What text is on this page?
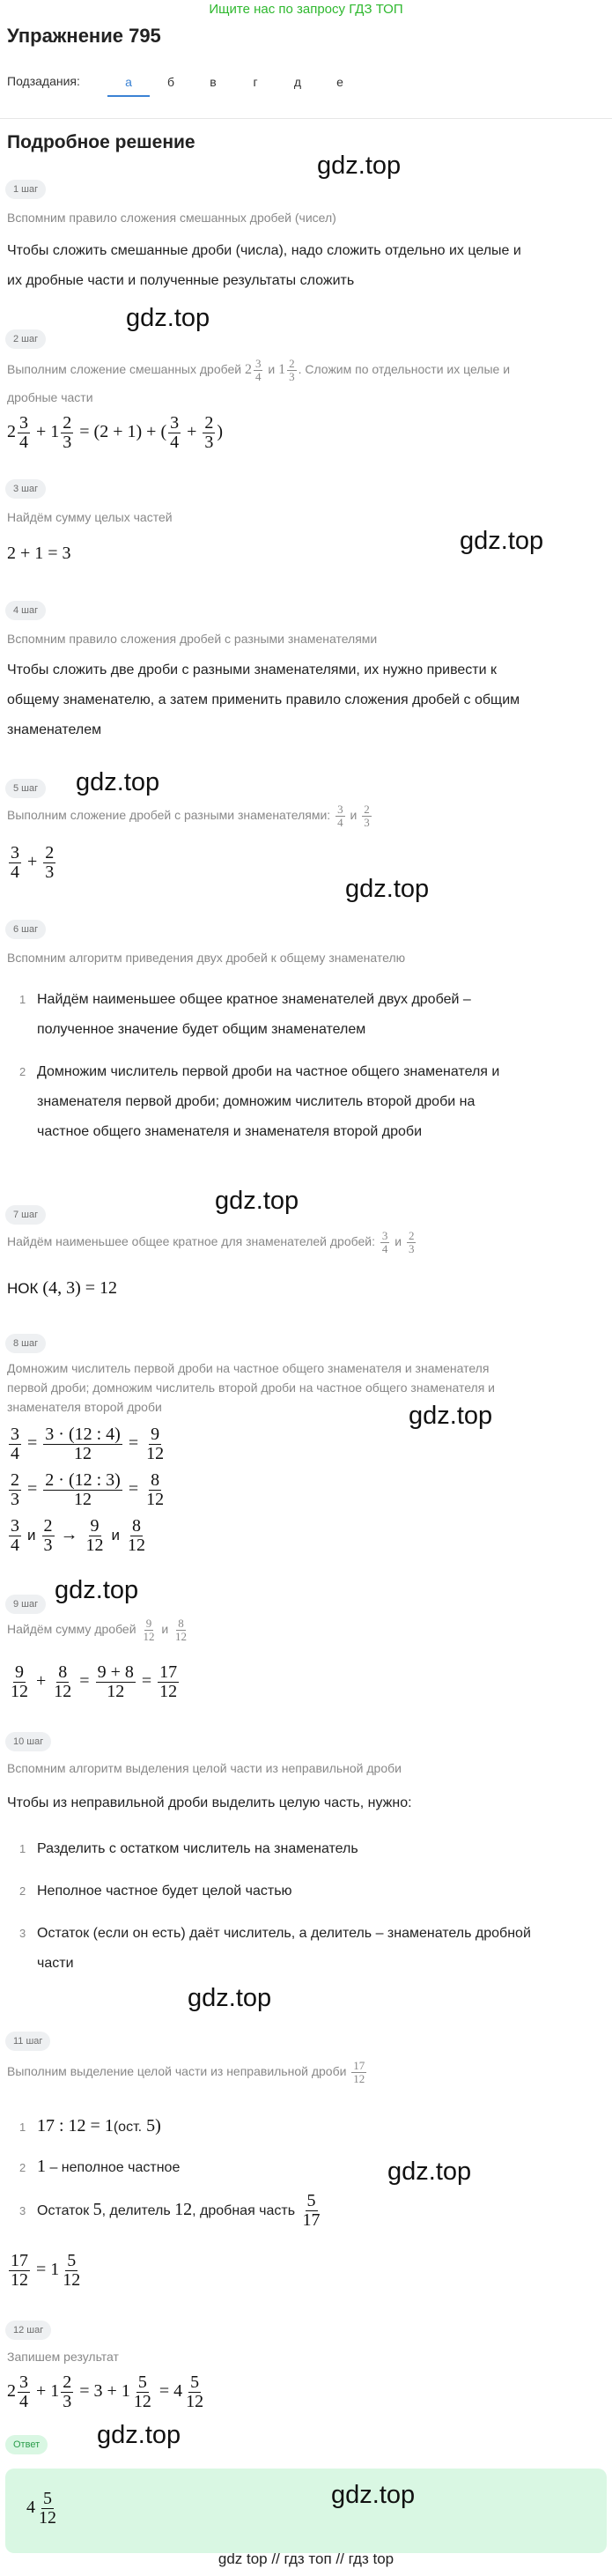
Ищите нас по запросу ГДЗ ТОП
Упражнение 795
Подзадания:	а	б	в	г	д	е
Подробное решение
gdz.top
gdz.top
gdz.top
gdz.top
gdz.top
gdz.top
gdz.top
gdz.top
gdz.top
gdz.top
gdz.top
1 шаг
Вспомним правило сложения смешанных дробей (чисел)
Чтобы сложить смешанные дроби (числа), надо сложить отдельно их целые и
их дробные части и полученные результаты сложить
2 шаг
Выполним сложение смешанных дробей $2 \frac{3}{4}$ и $1 \frac{2}{3}$ . Сложим по отдельности их целые и
дробные части
$2 \frac{3}{4} + 1 \frac{2}{3} = (2 + 1)$ + ( $\frac{3}{4} + \frac{2}{3}$ )
3 шаг
Найдём сумму целых частей
2 + 1 = 3
4 шаг
Вспомним правило сложения дробей с разными знаменателями
Чтобы сложить две дроби с разными знаменателями, их нужно привести к
общему знаменателю, а затем применить правило сложения дробей с общим
знаменателем
5 шаг
Выполним сложение дробей с разными знаменателями: $\frac{3}{4}$ и $\frac{2}{3}$
$\frac{3}{4} + \frac{2}{3}$
6 шаг
Вспомним алгоритм приведения двух дробей к общему знаменателю
1 Найдём наименьшее общее кратное знаменателей двух дробей –
полученное значение будет общим знаменателем
2 Домножим числитель первой дроби на частное общего знаменателя и
знаменателя первой дроби; домножим числитель второй дроби на
частное общего знаменателя и знаменателя второй дроби
7 шаг
Найдём наименьшее общее кратное для знаменателей дробей: $\frac{3}{4}$ и $\frac{2}{3}$
НОК (4, 3) = 12
8 шаг
Домножим числитель первой дроби на частное общего знаменателя и знаменателя
первой дроби; домножим числитель второй дроби на частное общего знаменателя и
знаменателя второй дроби
$\frac{3}{4} = \frac{3 \cdot (12 : 4)}{12} = \frac{9}{12}$
$\frac{2}{3} = \frac{2 \cdot (12 : 3)}{12} = \frac{8}{12}$
$\frac{3}{4}$ и $\frac{2}{3} \to \frac{9}{12}$ и $\frac{8}{12}$
9 шаг
Найдём сумму дробей $\frac{9}{12}$ и $\frac{8}{12}$
$\frac{9}{12} + \frac{8}{12} = \frac{9 + 8}{12} = \frac{17}{12}$
10 шаг
Вспомним алгоритм выделения целой части из неправильной дроби
Чтобы из неправильной дроби выделить целую часть, нужно:
1 Разделить с остатком числитель на знаменатель
2 Неполное частное будет целой частью
3 Остаток (если он есть) даёт числитель, а делитель – знаменатель дробной
части
11 шаг
Выполним выделение целой части из неправильной дроби $\frac{17}{12}$
1 17 : 12 = 1(ост. 5)
2 1 – неполное частное
3 Остаток 5, делитель 12, дробная часть $\frac{5}{17}$
$\frac{17}{12} = 1 \frac{5}{12}$
12 шаг
Запишем результат
$2 \frac{3}{4} + 1 \frac{2}{3} = 3 + 1 \frac{5}{12} = 4 \frac{5}{12}$
Ответ
$4 \frac{5}{12}$	gdz.top
gdz top // гдз топ // гдз top
